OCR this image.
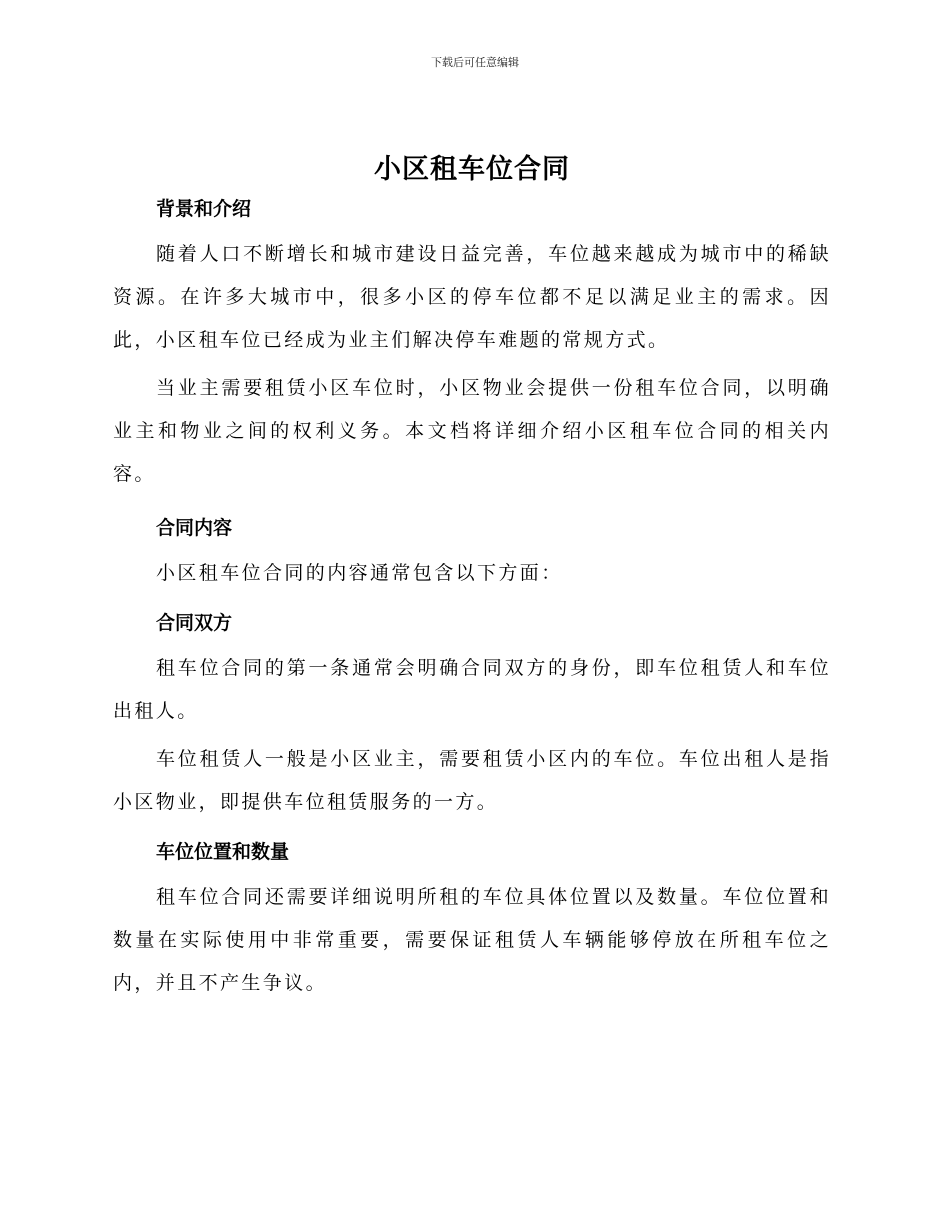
下载后可任意编辑
小区租车位合同
背景和介绍

随着人口不断增长和城市建设日益完善，车位越来越成为城市中的稀缺资源。在许多大城市中，很多小区的停车位都不足以满足业主的需求。因此，小区租车位已经成为业主们解决停车难题的常规方式。

当业主需要租赁小区车位时，小区物业会提供一份租车位合同，以明确业主和物业之间的权利义务。本文档将详细介绍小区租车位合同的相关内容。

合同内容

小区租车位合同的内容通常包含以下方面：

合同双方

租车位合同的第一条通常会明确合同双方的身份，即车位租赁人和车位出租人。

车位租赁人一般是小区业主，需要租赁小区内的车位。车位出租人是指小区物业，即提供车位租赁服务的一方。

车位位置和数量

租车位合同还需要详细说明所租的车位具体位置以及数量。车位位置和数量在实际使用中非常重要，需要保证租赁人车辆能够停放在所租车位之内，并且不产生争议。
